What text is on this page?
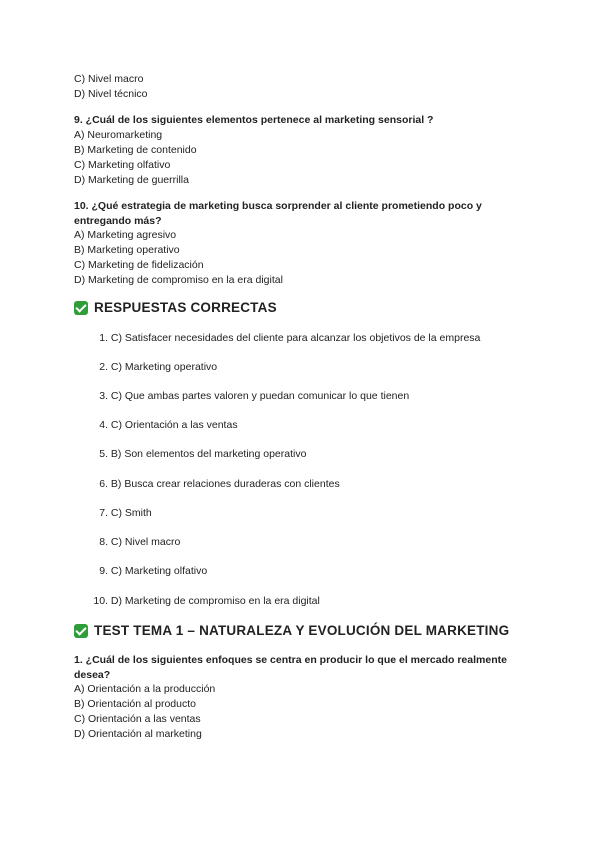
C) Nivel macro
D) Nivel técnico
9. ¿Cuál de los siguientes elementos pertenece al marketing sensorial ?
A) Neuromarketing
B) Marketing de contenido
C) Marketing olfativo
D) Marketing de guerrilla
10. ¿Qué estrategia de marketing busca sorprender al cliente prometiendo poco y entregando más?
A) Marketing agresivo
B) Marketing operativo
C) Marketing de fidelización
D) Marketing de compromiso en la era digital
RESPUESTAS CORRECTAS
1. C) Satisfacer necesidades del cliente para alcanzar los objetivos de la empresa
2. C) Marketing operativo
3. C) Que ambas partes valoren y puedan comunicar lo que tienen
4. C) Orientación a las ventas
5. B) Son elementos del marketing operativo
6. B) Busca crear relaciones duraderas con clientes
7. C) Smith
8. C) Nivel macro
9. C) Marketing olfativo
10. D) Marketing de compromiso en la era digital
TEST TEMA 1 – NATURALEZA Y EVOLUCIÓN DEL MARKETING
1. ¿Cuál de los siguientes enfoques se centra en producir lo que el mercado realmente desea?
A) Orientación a la producción
B) Orientación al producto
C) Orientación a las ventas
D) Orientación al marketing
